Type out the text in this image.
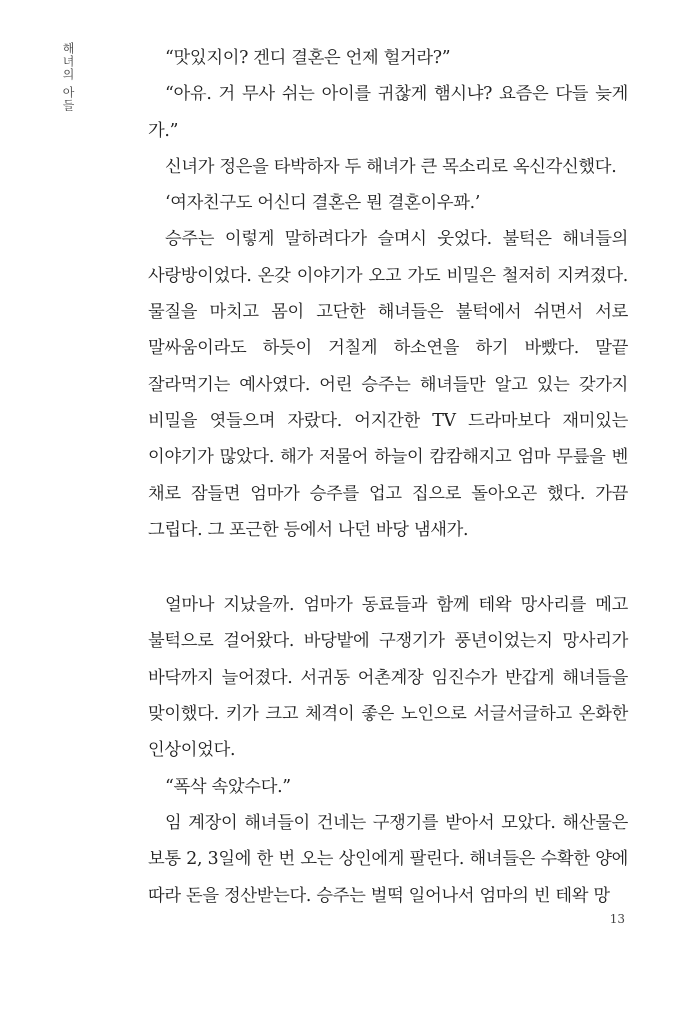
해녀의 아들	“맛있지이? 겐디 결혼은 언제 헐거라?”

“아유. 거 무사 쉬는 아이를 귀찮게 햄시냐? 요즘은 다들 늦게 가.”

신녀가 정은을 타박하자 두 해녀가 큰 목소리로 옥신각신했다.

‘여자친구도 어신디 결혼은 뭔 결혼이우꽈.’

승주는 이렇게 말하려다가 슬며시 웃었다. 불턱은 해녀들의 사랑방이었다. 온갖 이야기가 오고 가도 비밀은 철저히 지켜졌다. 물질을 마치고 몸이 고단한 해녀들은 불턱에서 쉬면서 서로 말싸움이라도 하듯이 거칠게 하소연을 하기 바빴다. 말끝 잘라먹기는 예사였다. 어린 승주는 해녀들만 알고 있는 갖가지 비밀을 엿들으며 자랐다. 어지간한 TV 드라마보다 재미있는 이야기가 많았다. 해가 저물어 하늘이 캄캄해지고 엄마 무릎을 벤 채로 잠들면 엄마가 승주를 업고 집으로 돌아오곤 했다. 가끔 그립다. 그 포근한 등에서 나던 바당 냄새가.

얼마나 지났을까. 엄마가 동료들과 함께 테왁 망사리를 메고 불턱으로 걸어왔다. 바당밭에 구쟁기가 풍년이었는지 망사리가 바닥까지 늘어졌다. 서귀동 어촌계장 임진수가 반갑게 해녀들을 맞이했다. 키가 크고 체격이 좋은 노인으로 서글서글하고 온화한 인상이었다.

“폭삭 속았수다.”

임 계장이 해녀들이 건네는 구쟁기를 받아서 모았다. 해산물은 보통 2, 3일에 한 번 오는 상인에게 팔린다. 해녀들은 수확한 양에 따라 돈을 정산받는다. 승주는 벌떡 일어나서 엄마의 빈 테왁 망

13
